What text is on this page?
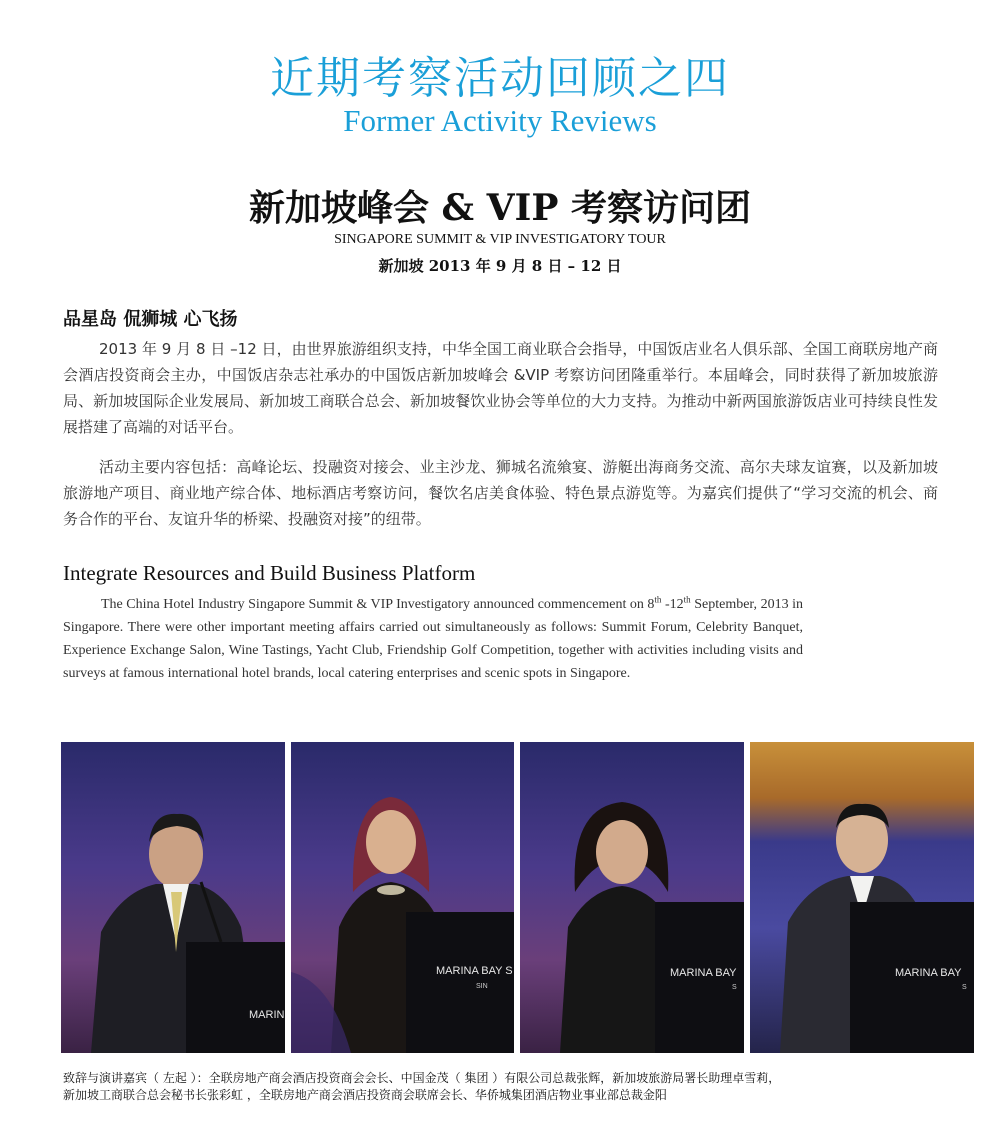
近期考察活动回顾之四
Former Activity Reviews
新加坡峰会 & VIP 考察访问团
SINGAPORE SUMMIT & VIP INVESTIGATORY TOUR
新加坡 2013 年 9 月 8 日 – 12 日
品星岛 侃狮城 心飞扬

2013 年 9 月 8 日 –12 日，由世界旅游组织支持，中华全国工商业联合会指导，中国饭店业名人俱乐部、全国工商联房地产商会酒店投资商会主办，中国饭店杂志社承办的中国饭店新加坡峰会 &VIP 考察访问团隆重举行。本届峰会，同时获得了新加坡旅游局、新加坡国际企业发展局、新加坡工商联合总会、新加坡餐饮业协会等单位的大力支持。为推动中新两国旅游饭店业可持续良性发展搭建了高端的对话平台。

活动主要内容包括：高峰论坛、投融资对接会、业主沙龙、狮城名流飨宴、游艇出海商务交流、高尔夫球友谊赛，以及新加坡旅游地产项目、商业地产综合体、地标酒店考察访问，餐饮名店美食体验、特色景点游览等。为嘉宾们提供了“学习交流的机会、商务合作的平台、友谊升华的桥梁、投融资对接”的纽带。

Integrate Resources and Build Business Platform

The China Hotel Industry Singapore Summit & VIP Investigatory announced commencement on 8th -12th September, 2013 in Singapore. There were other important meeting affairs carried out simultaneously as follows: Summit Forum, Celebrity Banquet, Experience Exchange Salon, Wine Tastings, Yacht Club, Friendship Golf Competition, together with activities including visits and surveys at famous international hotel brands, local catering enterprises and scenic spots in Singapore.

MARIN
MARINA BAY S
SIN
MARINA BAY
S
MARINA BAY
S
致辞与演讲嘉宾（ 左起 ）：全联房地产商会酒店投资商会会长、中国金茂（ 集团 ）有限公司总裁张辉，新加坡旅游局署长助理卓雪莉，
新加坡工商联合总会秘书长张彩虹 ，全联房地产商会酒店投资商会联席会长、华侨城集团酒店物业事业部总裁金阳
